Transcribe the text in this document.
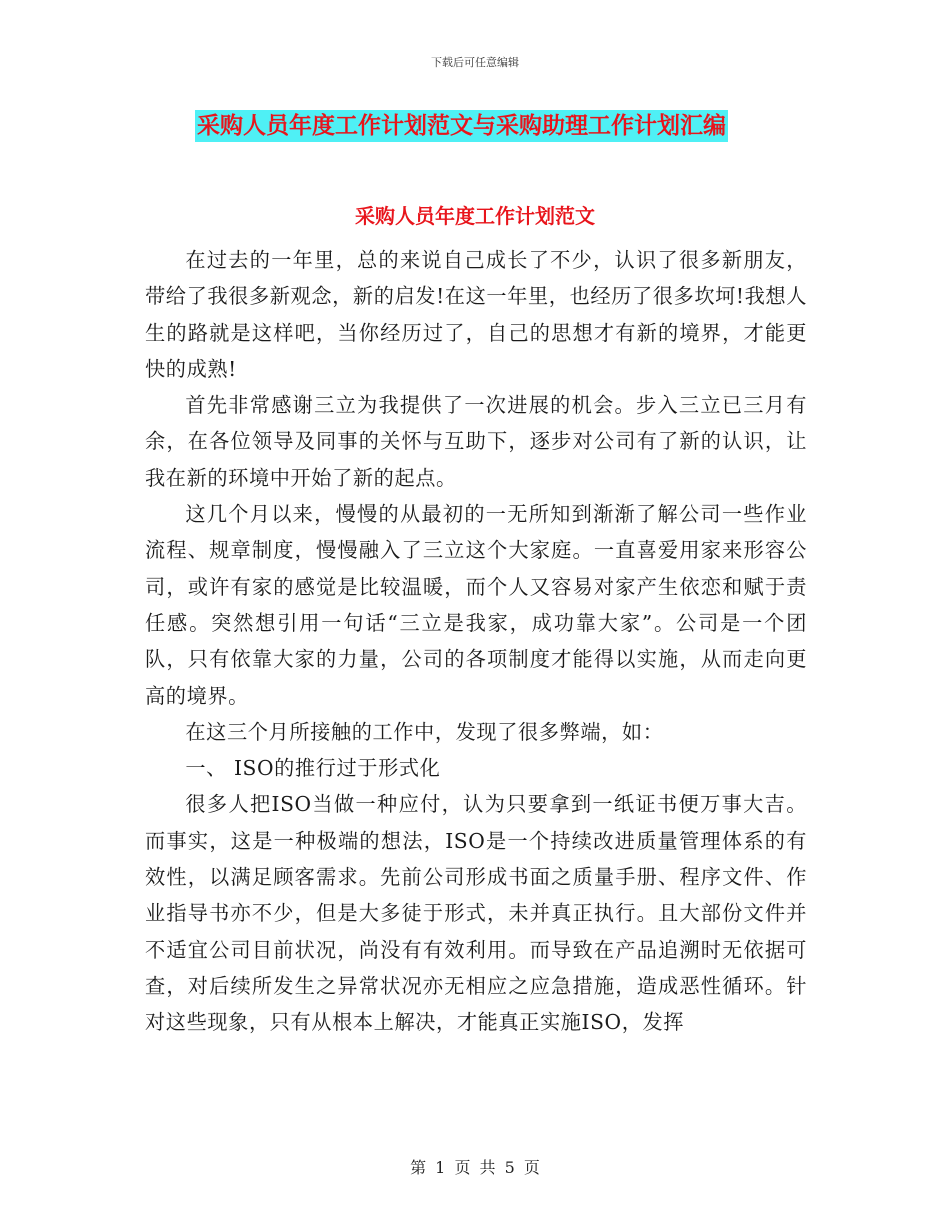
下载后可任意编辑
采购人员年度工作计划范文与采购助理工作计划汇编
采购人员年度工作计划范文

在过去的一年里，总的来说自己成长了不少，认识了很多新朋友，带给了我很多新观念，新的启发!在这一年里，也经历了很多坎坷!我想人生的路就是这样吧，当你经历过了，自己的思想才有新的境界，才能更快的成熟!

首先非常感谢三立为我提供了一次进展的机会。步入三立已三月有余，在各位领导及同事的关怀与互助下，逐步对公司有了新的认识，让我在新的环境中开始了新的起点。

这几个月以来，慢慢的从最初的一无所知到渐渐了解公司一些作业流程、规章制度，慢慢融入了三立这个大家庭。一直喜爱用家来形容公司，或许有家的感觉是比较温暖，而个人又容易对家产生依恋和赋于责任感。突然想引用一句话“三立是我家，成功靠大家”。公司是一个团队，只有依靠大家的力量，公司的各项制度才能得以实施，从而走向更高的境界。

在这三个月所接触的工作中，发现了很多弊端，如：

一、 ISO的推行过于形式化

很多人把ISO当做一种应付，认为只要拿到一纸证书便万事大吉。而事实，这是一种极端的想法，ISO是一个持续改进质量管理体系的有效性，以满足顾客需求。先前公司形成书面之质量手册、程序文件、作业指导书亦不少，但是大多徒于形式，未并真正执行。且大部份文件并不适宜公司目前状况，尚没有有效利用。而导致在产品追溯时无依据可查，对后续所发生之异常状况亦无相应之应急措施，造成恶性循环。针对这些现象，只有从根本上解决，才能真正实施ISO，发挥

第 1 页 共 5 页
